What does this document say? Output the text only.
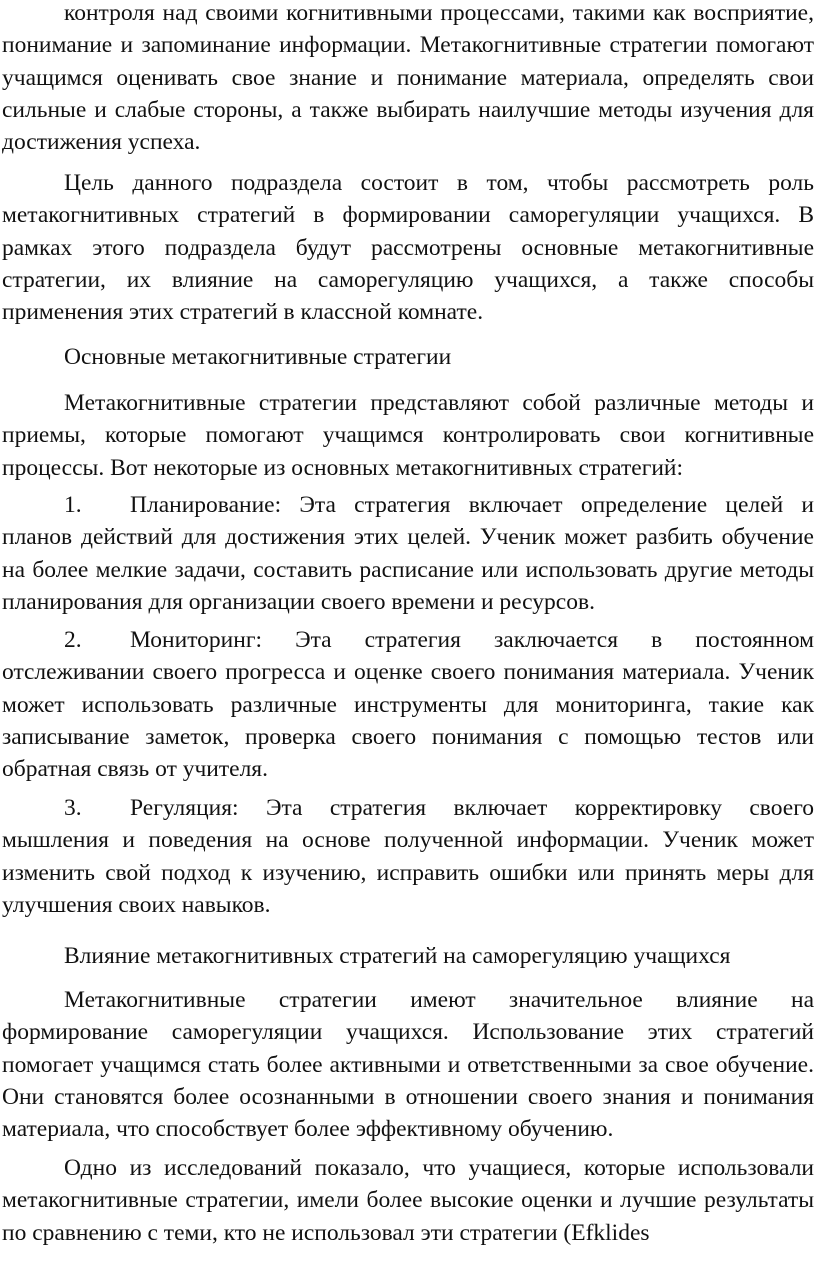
контроля над своими когнитивными процессами, такими как восприятие, понимание и запоминание информации. Метакогнитивные стратегии помогают учащимся оценивать свое знание и понимание материала, определять свои сильные и слабые стороны, а также выбирать наилучшие методы изучения для достижения успеха.

Цель данного подраздела состоит в том, чтобы рассмотреть роль метакогнитивных стратегий в формировании саморегуляции учащихся. В рамках этого подраздела будут рассмотрены основные метакогнитивные стратегии, их влияние на саморегуляцию учащихся, а также способы применения этих стратегий в классной комнате.

Основные метакогнитивные стратегии

Метакогнитивные стратегии представляют собой различные методы и приемы, которые помогают учащимся контролировать свои когнитивные процессы. Вот некоторые из основных метакогнитивных стратегий:

1. Планирование: Эта стратегия включает определение целей и планов действий для достижения этих целей. Ученик может разбить обучение на более мелкие задачи, составить расписание или использовать другие методы планирования для организации своего времени и ресурсов.

2. Мониторинг: Эта стратегия заключается в постоянном отслеживании своего прогресса и оценке своего понимания материала. Ученик может использовать различные инструменты для мониторинга, такие как записывание заметок, проверка своего понимания с помощью тестов или обратная связь от учителя.

3. Регуляция: Эта стратегия включает корректировку своего мышления и поведения на основе полученной информации. Ученик может изменить свой подход к изучению, исправить ошибки или принять меры для улучшения своих навыков.

Влияние метакогнитивных стратегий на саморегуляцию учащихся

Метакогнитивные стратегии имеют значительное влияние на формирование саморегуляции учащихся. Использование этих стратегий помогает учащимся стать более активными и ответственными за свое обучение. Они становятся более осознанными в отношении своего знания и понимания материала, что способствует более эффективному обучению.

Одно из исследований показало, что учащиеся, которые использовали метакогнитивные стратегии, имели более высокие оценки и лучшие результаты по сравнению с теми, кто не использовал эти стратегии (Efklides
